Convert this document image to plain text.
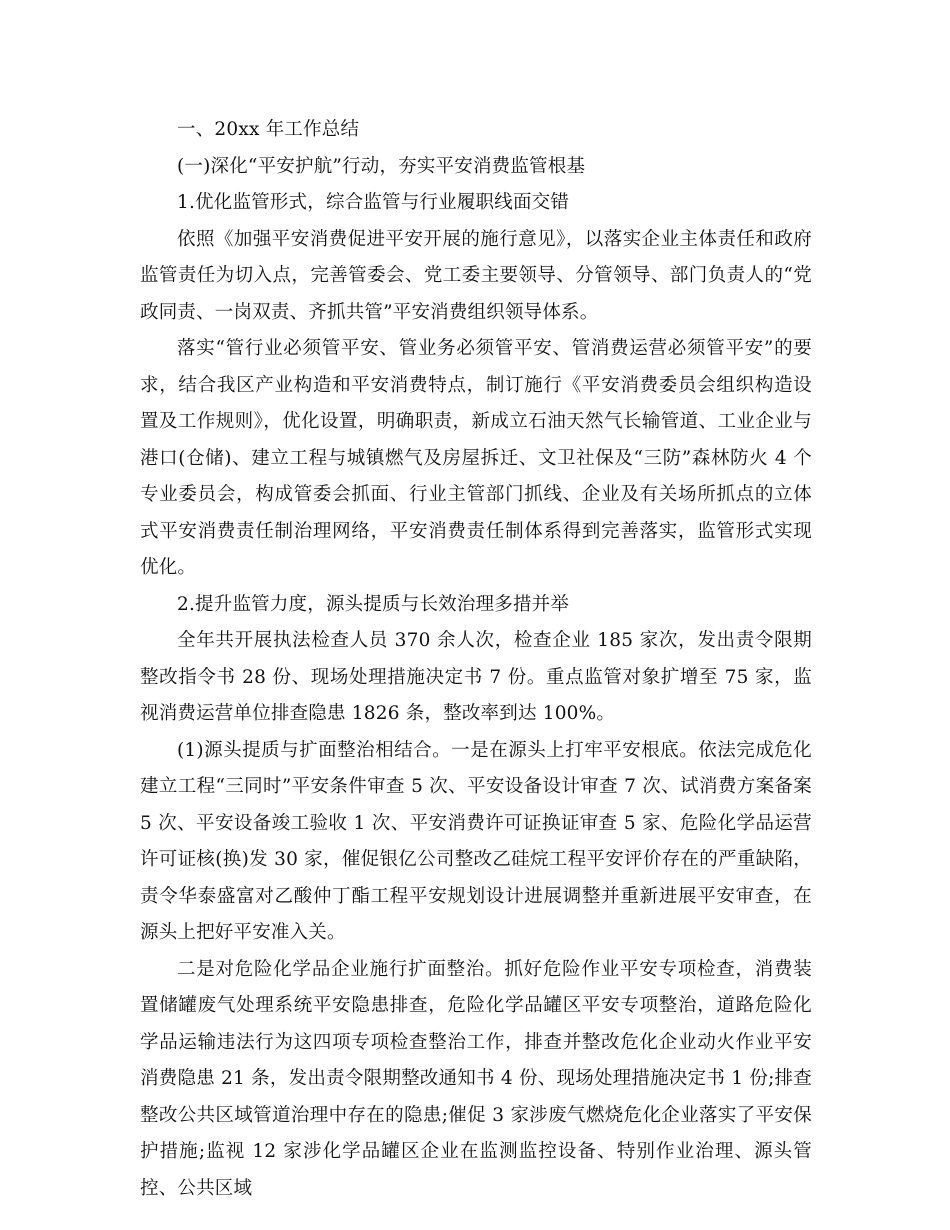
一、20xx 年工作总结

(一)深化“平安护航”行动，夯实平安消费监管根基

1.优化监管形式，综合监管与行业履职线面交错

依照《加强平安消费促进平安开展的施行意见》，以落实企业主体责任和政府监管责任为切入点，完善管委会、党工委主要领导、分管领导、部门负责人的“党政同责、一岗双责、齐抓共管”平安消费组织领导体系。

落实“管行业必须管平安、管业务必须管平安、管消费运营必须管平安”的要求，结合我区产业构造和平安消费特点，制订施行《平安消费委员会组织构造设置及工作规则》，优化设置，明确职责，新成立石油天然气长输管道、工业企业与港口(仓储)、建立工程与城镇燃气及房屋拆迁、文卫社保及“三防”森林防火 4 个专业委员会，构成管委会抓面、行业主管部门抓线、企业及有关场所抓点的立体式平安消费责任制治理网络，平安消费责任制体系得到完善落实，监管形式实现优化。

2.提升监管力度，源头提质与长效治理多措并举

全年共开展执法检查人员 370 余人次，检查企业 185 家次，发出责令限期整改指令书 28 份、现场处理措施决定书 7 份。重点监管对象扩增至 75 家，监视消费运营单位排查隐患 1826 条，整改率到达 100%。

(1)源头提质与扩面整治相结合。一是在源头上打牢平安根底。依法完成危化建立工程“三同时”平安条件审查 5 次、平安设备设计审查 7 次、试消费方案备案 5 次、平安设备竣工验收 1 次、平安消费许可证换证审查 5 家、危险化学品运营许可证核(换)发 30 家，催促银亿公司整改乙硅烷工程平安评价存在的严重缺陷，责令华泰盛富对乙酸仲丁酯工程平安规划设计进展调整并重新进展平安审查，在源头上把好平安准入关。

二是对危险化学品企业施行扩面整治。抓好危险作业平安专项检查，消费装置储罐废气处理系统平安隐患排查，危险化学品罐区平安专项整治，道路危险化学品运输违法行为这四项专项检查整治工作，排查并整改危化企业动火作业平安消费隐患 21 条，发出责令限期整改通知书 4 份、现场处理措施决定书 1 份;排查整改公共区域管道治理中存在的隐患;催促 3 家涉废气燃烧危化企业落实了平安保护措施;监视 12 家涉化学品罐区企业在监测监控设备、特别作业治理、源头管控、公共区域
